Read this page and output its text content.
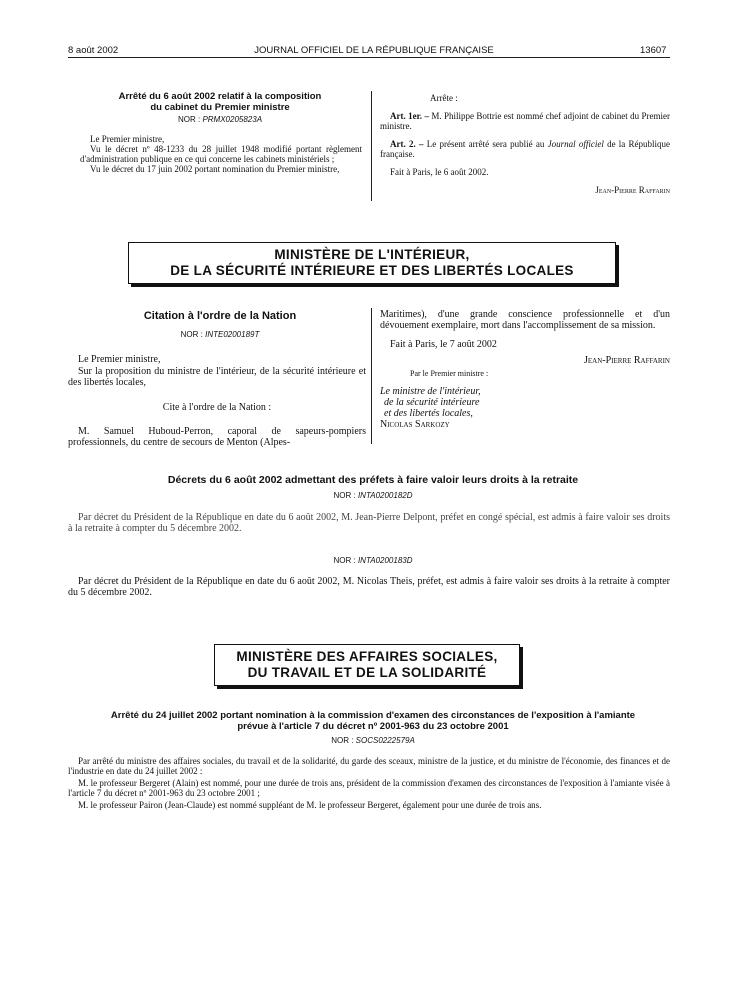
8 août 2002	JOURNAL OFFICIEL DE LA RÉPUBLIQUE FRANÇAISE	13607
Arrêté du 6 août 2002 relatif à la composition
du cabinet du Premier ministre
NOR : PRMX0205823A

Le Premier ministre,

Vu le décret nº 48-1233 du 28 juillet 1948 modifié portant règlement d'administration publique en ce qui concerne les cabinets ministériels ;

Vu le décret du 17 juin 2002 portant nomination du Premier ministre,

Arrête :

Art. 1er. – M. Philippe Bottrie est nommé chef adjoint de cabinet du Premier ministre.

Art. 2. – Le présent arrêté sera publié au Journal officiel de la République française.

Fait à Paris, le 6 août 2002.

Jean-Pierre Raffarin

MINISTÈRE DE L'INTÉRIEUR,
DE LA SÉCURITÉ INTÉRIEURE ET DES LIBERTÉS LOCALES
Citation à l'ordre de la Nation
NOR : INTE0200189T

Le Premier ministre,

Sur la proposition du ministre de l'intérieur, de la sécurité intérieure et des libertés locales,

Cite à l'ordre de la Nation :

M. Samuel Huboud-Perron, caporal de sapeurs-pompiers professionnels, du centre de secours de Menton (Alpes-

Maritimes), d'une grande conscience professionnelle et d'un dévouement exemplaire, mort dans l'accomplissement de sa mission.

Fait à Paris, le 7 août 2002

Jean-Pierre Raffarin

Par le Premier ministre :

Le ministre de l'intérieur,

de la sécurité intérieure

et des libertés locales,

Nicolas Sarkozy

Décrets du 6 août 2002 admettant des préfets à faire valoir leurs droits à la retraite
NOR : INTA0200182D

Par décret du Président de la République en date du 6 août 2002, M. Jean-Pierre Delpont, préfet en congé spécial, est admis à faire valoir ses droits à la retraite à compter du 5 décembre 2002.

NOR : INTA0200183D

Par décret du Président de la République en date du 6 août 2002, M. Nicolas Theis, préfet, est admis à faire valoir ses droits à la retraite à compter du 5 décembre 2002.

MINISTÈRE DES AFFAIRES SOCIALES,
DU TRAVAIL ET DE LA SOLIDARITÉ
Arrêté du 24 juillet 2002 portant nomination à la commission d'examen des circonstances de l'exposition à l'amiante
prévue à l'article 7 du décret nº 2001-963 du 23 octobre 2001
NOR : SOCS0222579A

Par arrêté du ministre des affaires sociales, du travail et de la solidarité, du garde des sceaux, ministre de la justice, et du ministre de l'économie, des finances et de l'industrie en date du 24 juillet 2002 :

M. le professeur Bergeret (Alain) est nommé, pour une durée de trois ans, président de la commission d'examen des circonstances de l'exposition à l'amiante visée à l'article 7 du décret nº 2001-963 du 23 octobre 2001 ;

M. le professeur Pairon (Jean-Claude) est nommé suppléant de M. le professeur Bergeret, également pour une durée de trois ans.
